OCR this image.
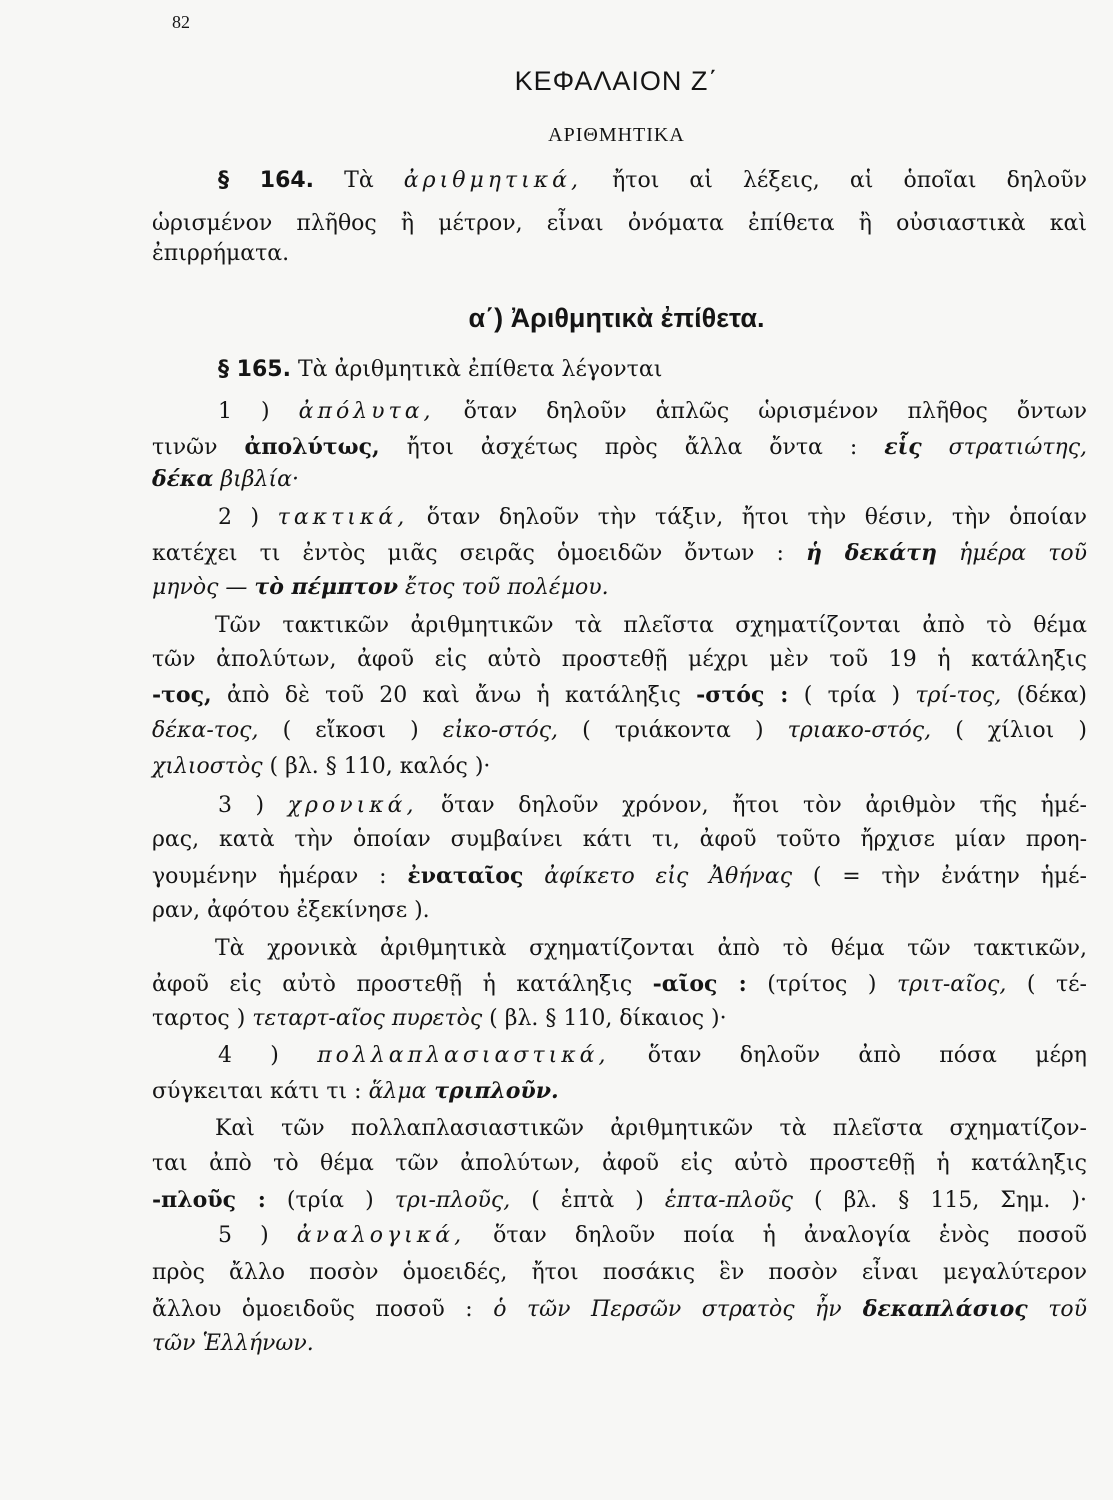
82
ΚΕΦΑΛΑΙΟΝ Ζ΄
ΑΡΙΘΜΗΤΙΚΑ
§ 164. Τὰ ἀριθμητικά, ἤτοι αἱ λέξεις, αἱ ὁποῖαι δηλοῦν
ὡρισμένον πλῆθος ἢ μέτρον, εἶναι ὀνόματα ἐπίθετα ἢ οὐσιαστικὰ καὶ
ἐπιρρήματα.
α΄) Ἀριθμητικὰ ἐπίθετα.
§ 165. Τὰ ἀριθμητικὰ ἐπίθετα λέγονται
1 ) ἀπόλυτα, ὅταν δηλοῦν ἁπλῶς ὡρισμένον πλῆθος ὄντων
τινῶν ἀπολύτως, ἤτοι ἀσχέτως πρὸς ἄλλα ὄντα : εἷς στρατιώτης,
δέκα βιβλία·
2 ) τακτικά, ὅταν δηλοῦν τὴν τάξιν, ἤτοι τὴν θέσιν, τὴν ὁποίαν
κατέχει τι ἐντὸς μιᾶς σειρᾶς ὁμοειδῶν ὄντων : ἡ δεκάτη ἡμέρα τοῦ
μηνὸς — τὸ πέμπτον ἔτος τοῦ πολέμου.
Τῶν τακτικῶν ἀριθμητικῶν τὰ πλεῖστα σχηματίζονται ἀπὸ τὸ θέμα
τῶν ἀπολύτων, ἀφοῦ εἰς αὐτὸ προστεθῇ μέχρι μὲν τοῦ 19 ἡ κατάληξις
-τος, ἀπὸ δὲ τοῦ 20 καὶ ἄνω ἡ κατάληξις -στός : ( τρία ) τρί-τος, (δέκα)
δέκα-τος, ( εἴκοσι ) εἰκο-στός, ( τριάκοντα ) τριακο-στός, ( χίλιοι )
χιλιοστὸς ( βλ. § 110, καλός )·
3 ) χρονικά, ὅταν δηλοῦν χρόνον, ἤτοι τὸν ἀριθμὸν τῆς ἡμέ-
ρας, κατὰ τὴν ὁποίαν συμβαίνει κάτι τι, ἀφοῦ τοῦτο ἤρχισε μίαν προη-
γουμένην ἡμέραν : ἐναταῖος ἀφίκετο εἰς Ἀθήνας ( = τὴν ἐνάτην ἡμέ-
ραν, ἀφότου ἐξεκίνησε ).
Τὰ χρονικὰ ἀριθμητικὰ σχηματίζονται ἀπὸ τὸ θέμα τῶν τακτικῶν,
ἀφοῦ εἰς αὐτὸ προστεθῇ ἡ κατάληξις -αῖος : (τρίτος ) τριτ-αῖος, ( τέ-
ταρτος ) τεταρτ-αῖος πυρετὸς ( βλ. § 110, δίκαιος )·
4 ) πολλαπλασιαστικά, ὅταν δηλοῦν ἀπὸ πόσα μέρη
σύγκειται κάτι τι : ἅλμα τριπλοῦν.
Καὶ τῶν πολλαπλασιαστικῶν ἀριθμητικῶν τὰ πλεῖστα σχηματίζον-
ται ἀπὸ τὸ θέμα τῶν ἀπολύτων, ἀφοῦ εἰς αὐτὸ προστεθῇ ἡ κατάληξις
-πλοῦς : (τρία ) τρι-πλοῦς, ( ἑπτὰ ) ἑπτα-πλοῦς ( βλ. § 115, Σημ. )·
5 ) ἀναλογικά, ὅταν δηλοῦν ποία ἡ ἀναλογία ἑνὸς ποσοῦ
πρὸς ἄλλο ποσὸν ὁμοειδές, ἤτοι ποσάκις ἓν ποσὸν εἶναι μεγαλύτερον
ἄλλου ὁμοειδοῦς ποσοῦ : ὁ τῶν Περσῶν στρατὸς ἦν δεκαπλάσιος τοῦ
τῶν Ἑλλήνων.
